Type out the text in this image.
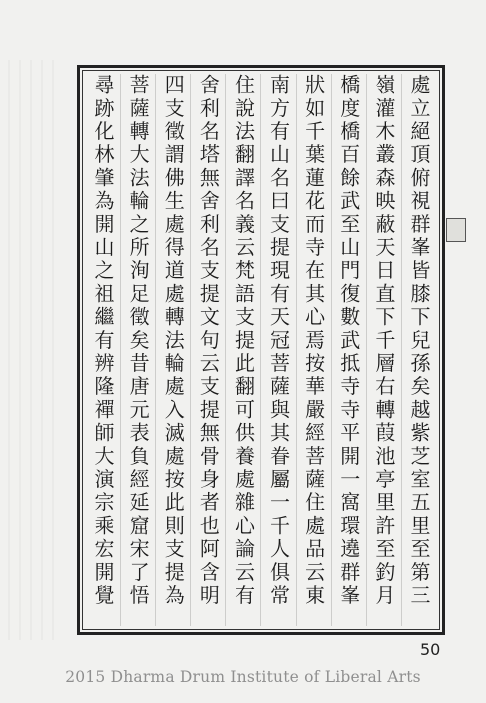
處立絕頂俯視群峯皆膝下兒孫矣越紫芝室五里至第三
嶺灌木叢森映蔽天日直下千層右轉葭池亭里許至釣月
橋度橋百餘武至山門復數武抵寺寺平開一窩環遶群峯
狀如千葉蓮花而寺在其心焉按華嚴經菩薩住處品云東
南方有山名曰支提現有天冠菩薩與其眷屬一千人俱常
住說法翻譯名義云梵語支提此翻可供養處雜心論云有
舍利名塔無舍利名支提文句云支提無骨身者也阿含明
四支徵謂佛生處得道處轉法輪處入滅處按此則支提為
菩薩轉大法輪之所洵足徵矣昔唐元表負經延窟宋了悟
尋跡化林肇為開山之祖繼有辨隆禪師大演宗乘宏開覺
50
2015 Dharma Drum Institute of Liberal Arts
